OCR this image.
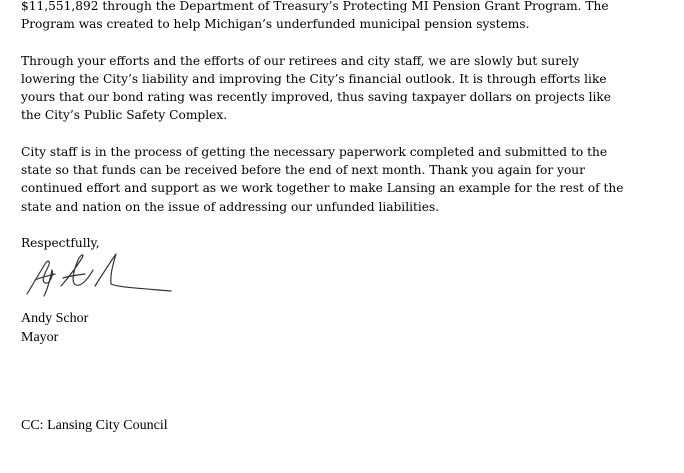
$11,551,892 through the Department of Treasury’s Protecting MI Pension Grant Program. The

Program was created to help Michigan’s underfunded municipal pension systems.

Through your efforts and the efforts of our retirees and city staff, we are slowly but surely

lowering the City’s liability and improving the City’s financial outlook. It is through efforts like

yours that our bond rating was recently improved, thus saving taxpayer dollars on projects like

the City’s Public Safety Complex.

City staff is in the process of getting the necessary paperwork completed and submitted to the

state so that funds can be received before the end of next month. Thank you again for your

continued effort and support as we work together to make Lansing an example for the rest of the

state and nation on the issue of addressing our unfunded liabilities.

Respectfully,

Andy Schor
Mayor
CC: Lansing City Council
